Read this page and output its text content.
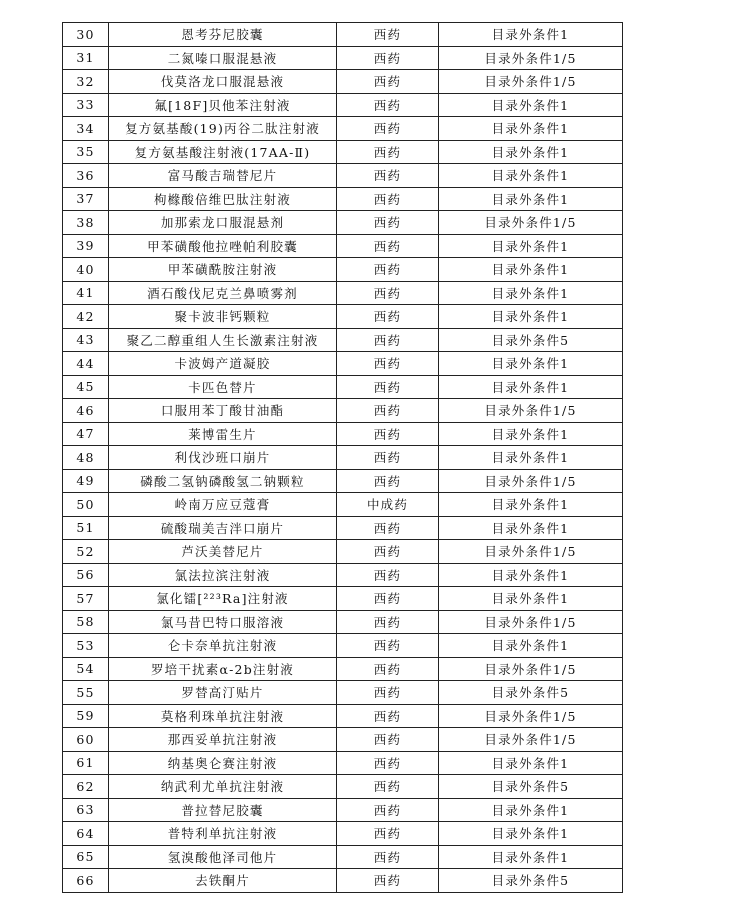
30	恩考芬尼胶囊	西药	目录外条件1
31	二氮嗪口服混悬液	西药	目录外条件1/5
32	伐莫洛龙口服混悬液	西药	目录外条件1/5
33	氟[18F]贝他苯注射液	西药	目录外条件1
34	复方氨基酸(19)丙谷二肽注射液	西药	目录外条件1
35	复方氨基酸注射液(17AA-Ⅱ)	西药	目录外条件1
36	富马酸吉瑞替尼片	西药	目录外条件1
37	枸橼酸倍维巴肽注射液	西药	目录外条件1
38	加那索龙口服混悬剂	西药	目录外条件1/5
39	甲苯磺酸他拉唑帕利胶囊	西药	目录外条件1
40	甲苯磺酰胺注射液	西药	目录外条件1
41	酒石酸伐尼克兰鼻喷雾剂	西药	目录外条件1
42	聚卡波非钙颗粒	西药	目录外条件1
43	聚乙二醇重组人生长激素注射液	西药	目录外条件5
44	卡波姆产道凝胶	西药	目录外条件1
45	卡匹色替片	西药	目录外条件1
46	口服用苯丁酸甘油酯	西药	目录外条件1/5
47	莱博雷生片	西药	目录外条件1
48	利伐沙班口崩片	西药	目录外条件1
49	磷酸二氢钠磷酸氢二钠颗粒	西药	目录外条件1/5
50	岭南万应豆蔻膏	中成药	目录外条件1
51	硫酸瑞美吉泮口崩片	西药	目录外条件1
52	芦沃美替尼片	西药	目录外条件1/5
56	氯法拉滨注射液	西药	目录外条件1
57	氯化镭[²²³Ra]注射液	西药	目录外条件1
58	氯马昔巴特口服溶液	西药	目录外条件1/5
53	仑卡奈单抗注射液	西药	目录外条件1
54	罗培干扰素α-2b注射液	西药	目录外条件1/5
55	罗替高汀贴片	西药	目录外条件5
59	莫格利珠单抗注射液	西药	目录外条件1/5
60	那西妥单抗注射液	西药	目录外条件1/5
61	纳基奥仑赛注射液	西药	目录外条件1
62	纳武利尤单抗注射液	西药	目录外条件5
63	普拉替尼胶囊	西药	目录外条件1
64	普特利单抗注射液	西药	目录外条件1
65	氢溴酸他泽司他片	西药	目录外条件1
66	去铁酮片	西药	目录外条件5
